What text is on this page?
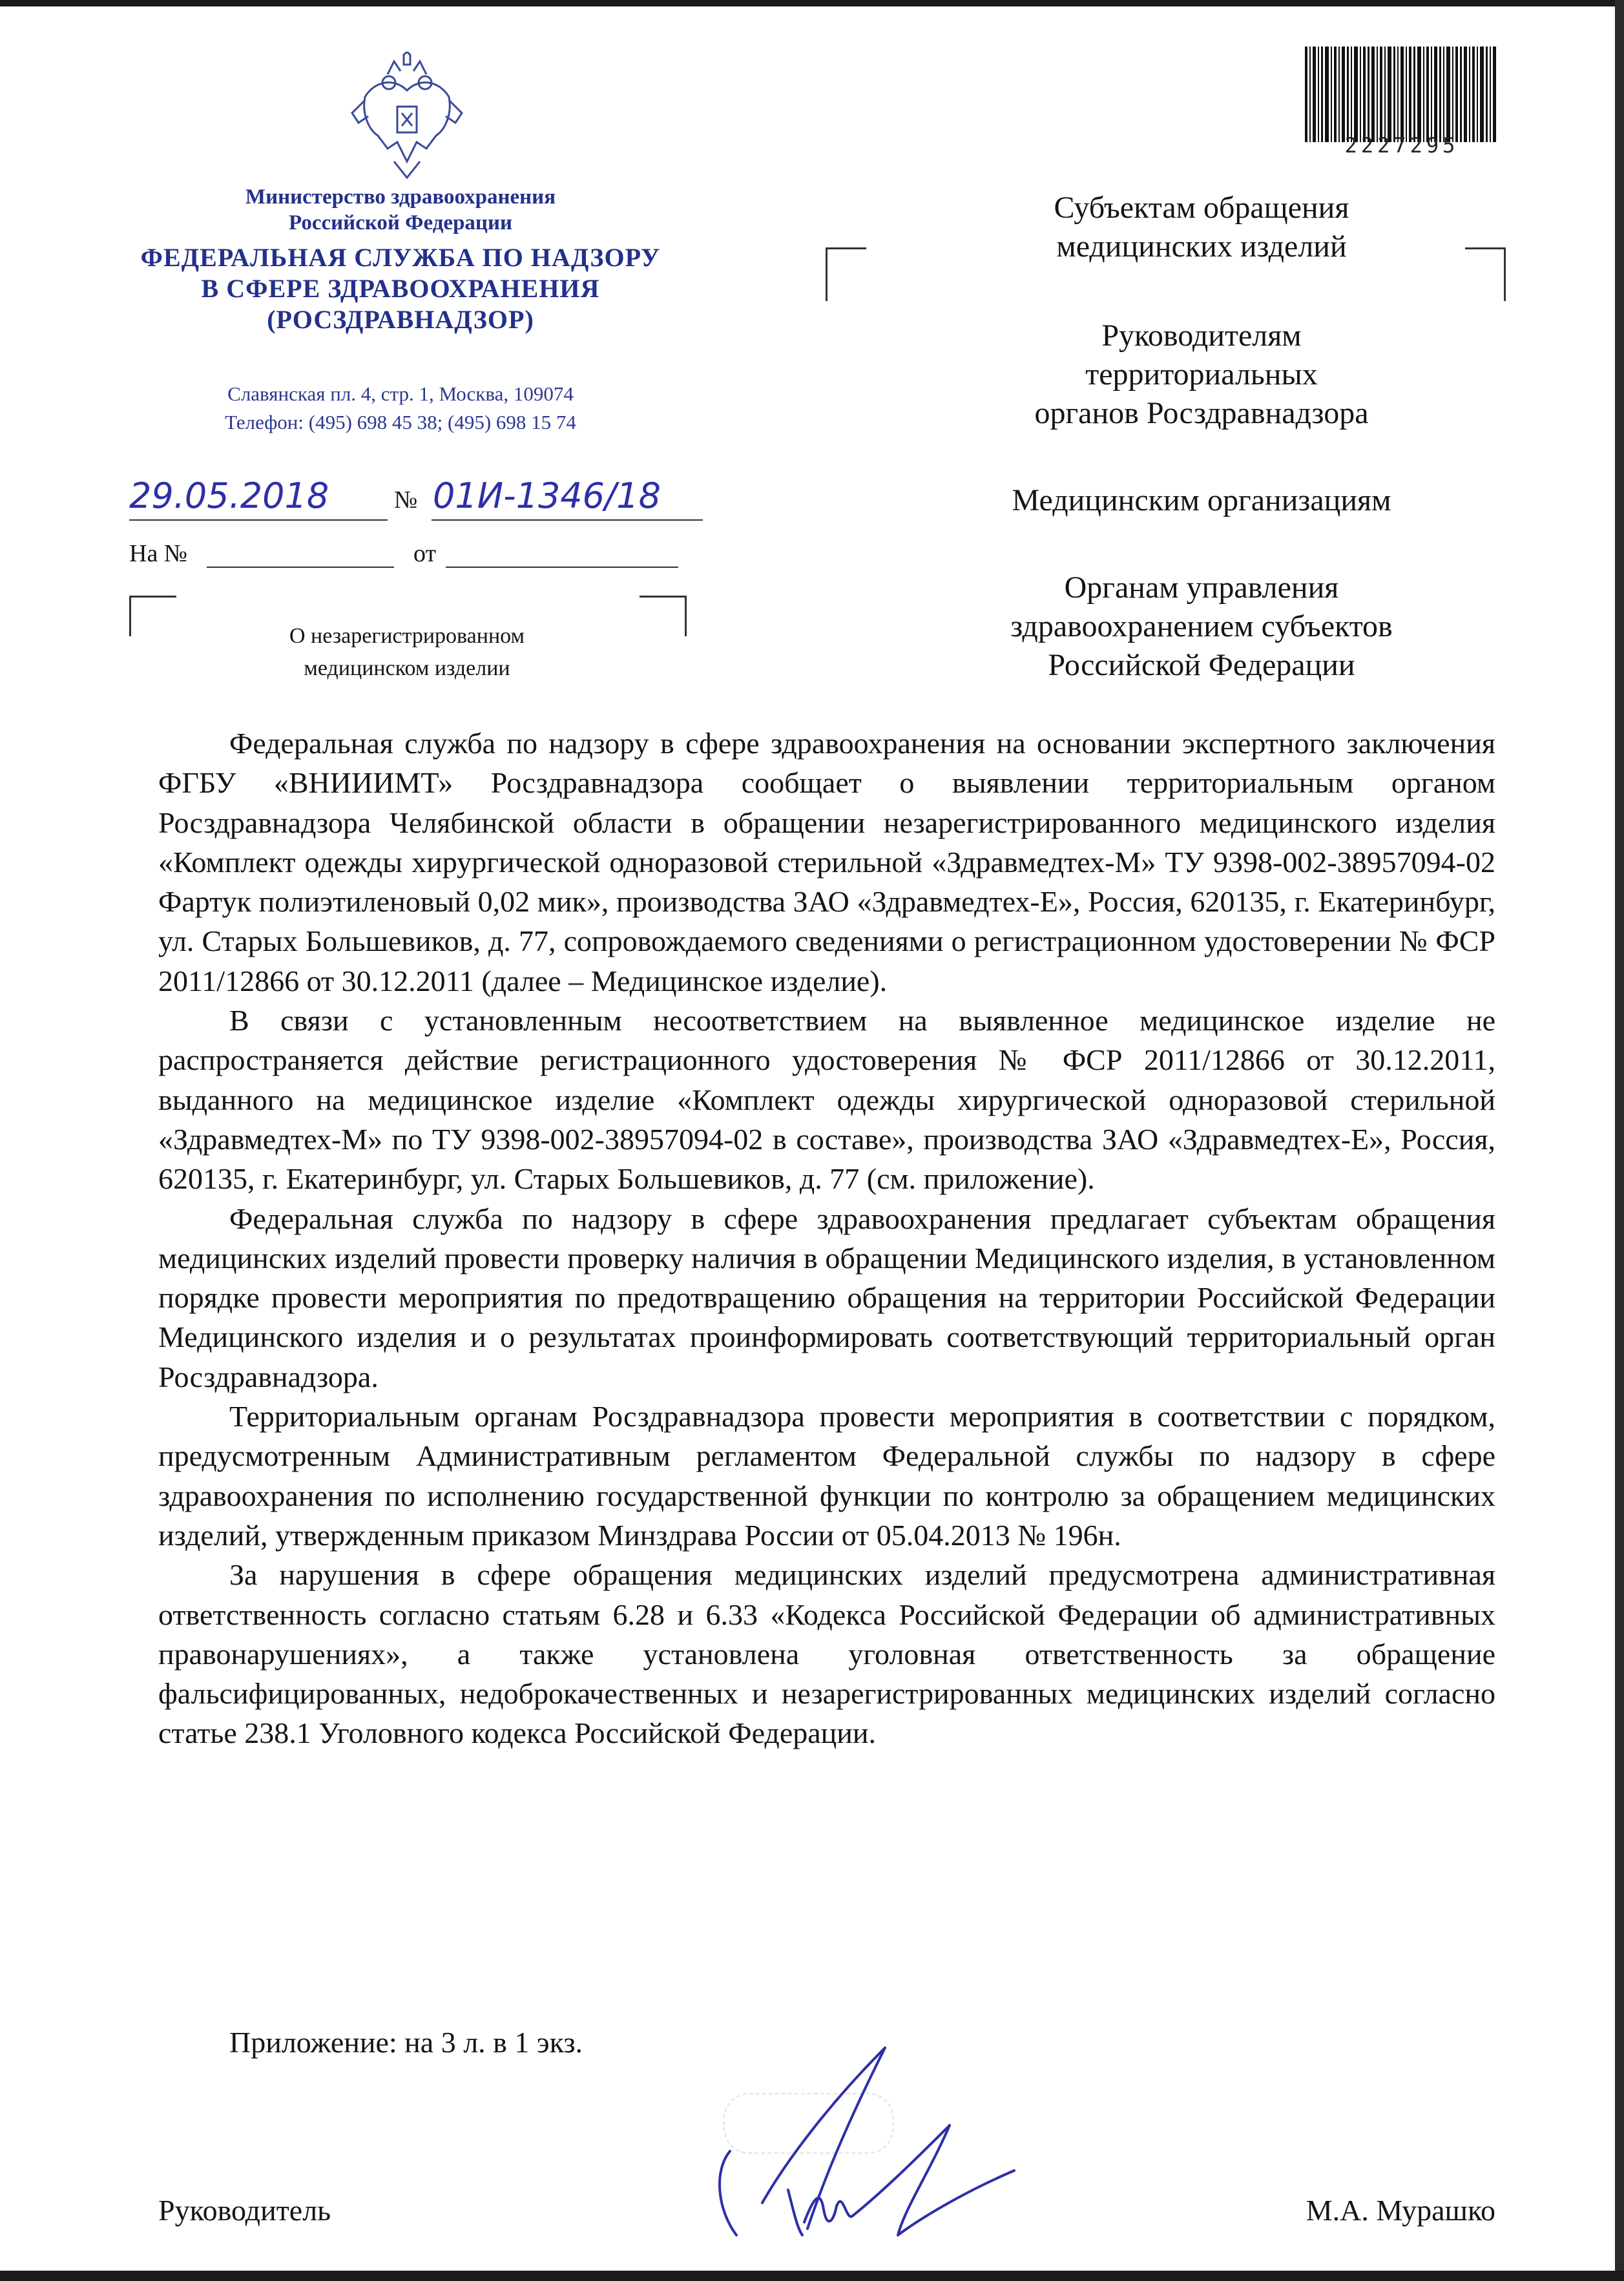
Министерство здравоохранения
Российской Федерации
ФЕДЕРАЛЬНАЯ СЛУЖБА ПО НАДЗОРУ
В СФЕРЕ ЗДРАВООХРАНЕНИЯ
(РОСЗДРАВНАДЗОР)
Славянская пл. 4, стр. 1, Москва, 109074
Телефон: (495) 698 45 38; (495) 698 15 74
29.05.2018	№ 01И-1346/18
На №	от
О незарегистрированном
медицинском изделии
2227295
Субъектам обращения
медицинских изделий
Руководителям
территориальных
органов Росздравнадзора
Медицинским организациям
Органам управления
здравоохранением субъектов
Российской Федерации

Федеральная служба по надзору в сфере здравоохранения на основании экспертного заключения ФГБУ «ВНИИИМТ» Росздравнадзора сообщает о выявлении территориальным органом Росздравнадзора Челябинской области в обращении незарегистрированного медицинского изделия «Комплект одежды хирургической одноразовой стерильной «Здравмедтех-М» ТУ 9398-002-38957094-02 Фартук полиэтиленовый 0,02 мик», производства ЗАО «Здравмедтех-Е», Россия, 620135, г. Екатеринбург, ул. Старых Большевиков, д. 77, сопровождаемого сведениями о регистрационном удостоверении № ФСР 2011/12866 от 30.12.2011 (далее – Медицинское изделие).

В связи с установленным несоответствием на выявленное медицинское изделие не распространяется действие регистрационного удостоверения № ФСР 2011/12866 от 30.12.2011, выданного на медицинское изделие «Комплект одежды хирургической одноразовой стерильной «Здравмедтех-М» по ТУ 9398-002-38957094-02 в составе», производства ЗАО «Здравмедтех-Е», Россия, 620135, г. Екатеринбург, ул. Старых Большевиков, д. 77 (см. приложение).

Федеральная служба по надзору в сфере здравоохранения предлагает субъектам обращения медицинских изделий провести проверку наличия в обращении Медицинского изделия, в установленном порядке провести мероприятия по предотвращению обращения на территории Российской Федерации Медицинского изделия и о результатах проинформировать соответствующий территориальный орган Росздравнадзора.

Территориальным органам Росздравнадзора провести мероприятия в соответствии с порядком, предусмотренным Административным регламентом Федеральной службы по надзору в сфере здравоохранения по исполнению государственной функции по контролю за обращением медицинских изделий, утвержденным приказом Минздрава России от 05.04.2013 № 196н.

За нарушения в сфере обращения медицинских изделий предусмотрена административная ответственность согласно статьям 6.28 и 6.33 «Кодекса Российской Федерации об административных правонарушениях», а также установлена уголовная ответственность за обращение фальсифицированных, недоброкачественных и незарегистрированных медицинских изделий согласно статье 238.1 Уголовного кодекса Российской Федерации.

Приложение: на 3 л. в 1 экз.
Руководитель	М.А. Мурашко
